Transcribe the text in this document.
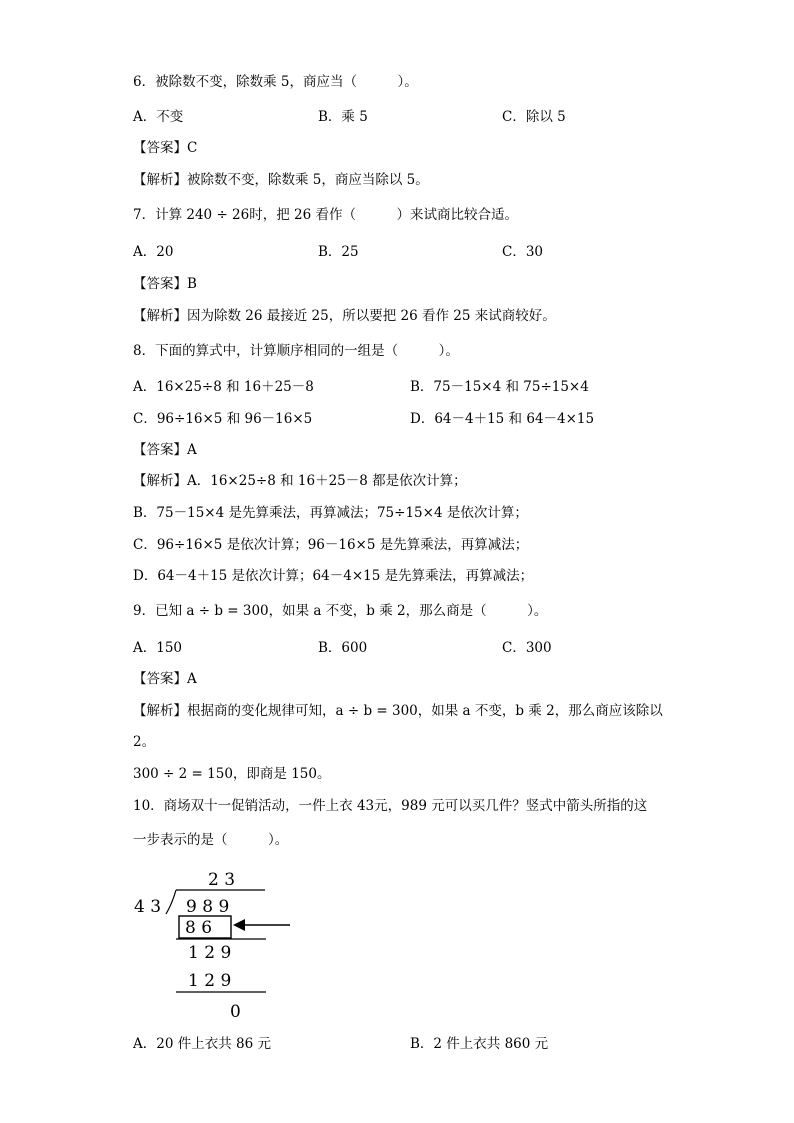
6．被除数不变，除数乘 5，商应当（　　　）。
A．不变	B．乘 5	C．除以 5
【答案】C
【解析】被除数不变，除数乘 5，商应当除以 5。
7．计算 240 ÷ 26时，把 26 看作（　　　）来试商比较合适。
A．20	B．25	C．30
【答案】B
【解析】因为除数 26 最接近 25，所以要把 26 看作 25 来试商较好。
8．下面的算式中，计算顺序相同的一组是（　　　）。
A．16×25÷8 和 16＋25－8	B．75－15×4 和 75÷15×4
C．96÷16×5 和 96－16×5	D．64－4＋15 和 64－4×15
【答案】A
【解析】A．16×25÷8 和 16＋25－8 都是依次计算；
B．75－15×4 是先算乘法，再算减法；75÷15×4 是依次计算；
C．96÷16×5 是依次计算；96－16×5 是先算乘法，再算减法；
D．64－4＋15 是依次计算；64－4×15 是先算乘法，再算减法；
9．已知 a ÷ b = 300，如果 a 不变，b 乘 2，那么商是（　　　）。
A．150	B．600	C．300
【答案】A
【解析】根据商的变化规律可知，a ÷ b = 300，如果 a 不变，b 乘 2，那么商应该除以
2。
300 ÷ 2 = 150，即商是 150。
10．商场双十一促销活动，一件上衣 43元，989 元可以买几件？竖式中箭头所指的这
一步表示的是（　　　）。
2 3
4 3 9 8 9
8 6
1 2 9
1 2 9
0
A．20 件上衣共 86 元	B．2 件上衣共 860 元
